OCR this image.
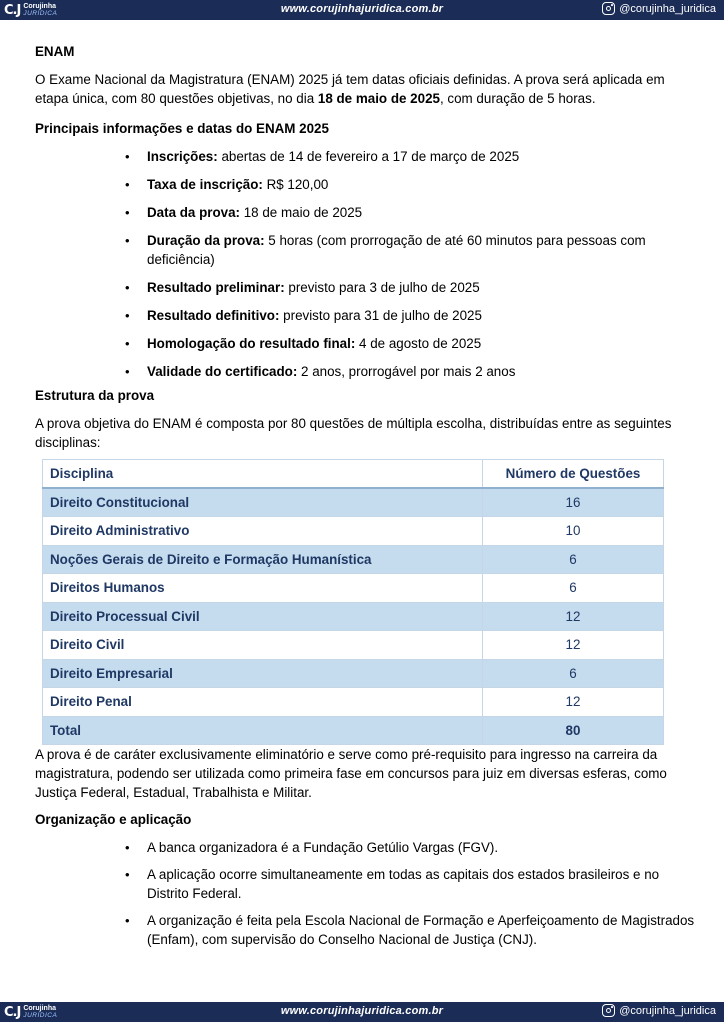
C.J Corujinha
JURÍDICA	www.corujinhajuridica.com.br	@corujinha_juridica

ENAM

O Exame Nacional da Magistratura (ENAM) 2025 já tem datas oficiais definidas. A prova será aplicada em etapa única, com 80 questões objetivas, no dia 18 de maio de 2025, com duração de 5 horas.

Principais informações e datas do ENAM 2025

• Inscrições: abertas de 14 de fevereiro a 17 de março de 2025
• Taxa de inscrição: R$ 120,00
• Data da prova: 18 de maio de 2025
• Duração da prova: 5 horas (com prorrogação de até 60 minutos para pessoas com deficiência)
• Resultado preliminar: previsto para 3 de julho de 2025
• Resultado definitivo: previsto para 31 de julho de 2025
• Homologação do resultado final: 4 de agosto de 2025
• Validade do certificado: 2 anos, prorrogável por mais 2 anos

Estrutura da prova

A prova objetiva do ENAM é composta por 80 questões de múltipla escolha, distribuídas entre as seguintes disciplinas:

Disciplina	Número de Questões
Direito Constitucional	16
Direito Administrativo	10
Noções Gerais de Direito e Formação Humanística	6
Direitos Humanos	6
Direito Processual Civil	12
Direito Civil	12
Direito Empresarial	6
Direito Penal	12
Total	80

A prova é de caráter exclusivamente eliminatório e serve como pré-requisito para ingresso na carreira da magistratura, podendo ser utilizada como primeira fase em concursos para juiz em diversas esferas, como Justiça Federal, Estadual, Trabalhista e Militar.

Organização e aplicação

• A banca organizadora é a Fundação Getúlio Vargas (FGV).
• A aplicação ocorre simultaneamente em todas as capitais dos estados brasileiros e no Distrito Federal.
• A organização é feita pela Escola Nacional de Formação e Aperfeiçoamento de Magistrados (Enfam), com supervisão do Conselho Nacional de Justiça (CNJ).
C.J Corujinha
JURÍDICA	www.corujinhajuridica.com.br	@corujinha_juridica
